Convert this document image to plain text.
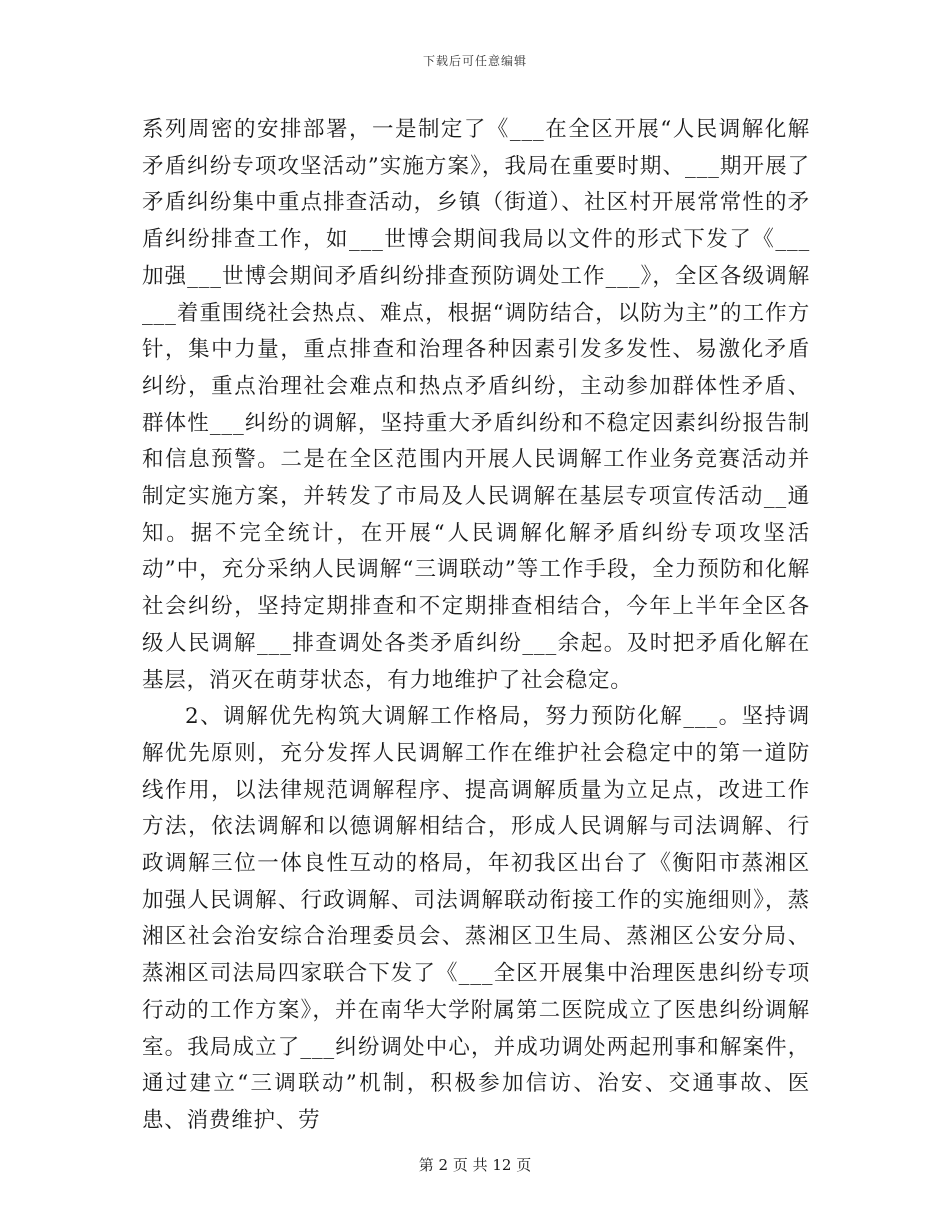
下载后可任意编辑

系列周密的安排部署，一是制定了《___在全区开展“人民调解化解矛盾纠纷专项攻坚活动”实施方案》，我局在重要时期、___期开展了矛盾纠纷集中重点排查活动，乡镇（街道）、社区村开展常常性的矛盾纠纷排查工作，如___世博会期间我局以文件的形式下发了《___加强___世博会期间矛盾纠纷排查预防调处工作___》，全区各级调解___着重围绕社会热点、难点，根据“调防结合，以防为主”的工作方针，集中力量，重点排查和治理各种因素引发多发性、易激化矛盾纠纷，重点治理社会难点和热点矛盾纠纷，主动参加群体性矛盾、群体性___纠纷的调解，坚持重大矛盾纠纷和不稳定因素纠纷报告制和信息预警。二是在全区范围内开展人民调解工作业务竞赛活动并制定实施方案，并转发了市局及人民调解在基层专项宣传活动__通知。据不完全统计，在开展“人民调解化解矛盾纠纷专项攻坚活动”中，充分采纳人民调解“三调联动”等工作手段，全力预防和化解社会纠纷，坚持定期排查和不定期排查相结合，今年上半年全区各级人民调解___排查调处各类矛盾纠纷___余起。及时把矛盾化解在基层，消灭在萌芽状态，有力地维护了社会稳定。

2、调解优先构筑大调解工作格局，努力预防化解___。坚持调解优先原则，充分发挥人民调解工作在维护社会稳定中的第一道防线作用，以法律规范调解程序、提高调解质量为立足点，改进工作方法，依法调解和以德调解相结合，形成人民调解与司法调解、行政调解三位一体良性互动的格局，年初我区出台了《衡阳市蒸湘区加强人民调解、行政调解、司法调解联动衔接工作的实施细则》，蒸湘区社会治安综合治理委员会、蒸湘区卫生局、蒸湘区公安分局、蒸湘区司法局四家联合下发了《___全区开展集中治理医患纠纷专项行动的工作方案》，并在南华大学附属第二医院成立了医患纠纷调解室。我局成立了___纠纷调处中心，并成功调处两起刑事和解案件，通过建立“三调联动”机制，积极参加信访、治安、交通事故、医患、消费维护、劳

第 2 页 共 12 页
